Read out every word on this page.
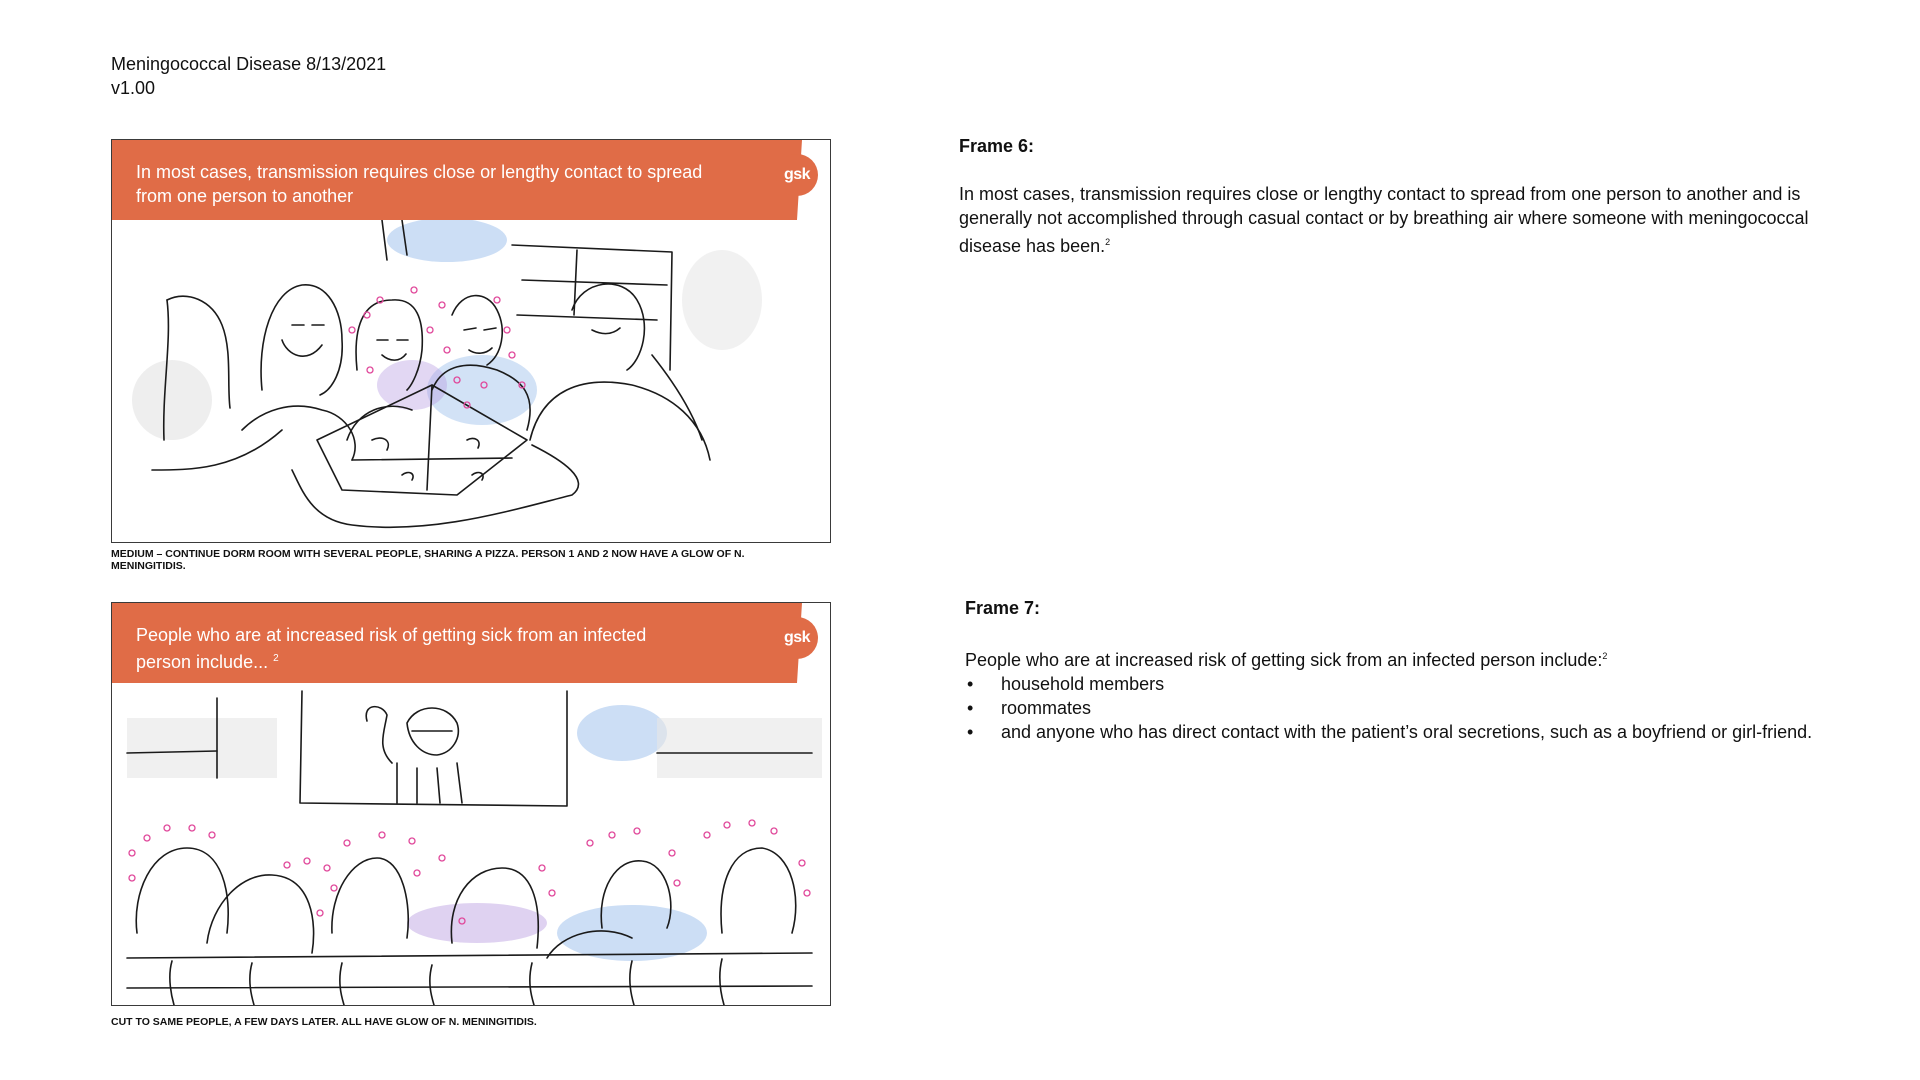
Meningococcal Disease 8/13/2021
v1.00
In most cases, transmission requires close or lengthy contact to spread from one person to another
gsk
MEDIUM – CONTINUE DORM ROOM WITH SEVERAL PEOPLE, SHARING A PIZZA. PERSON 1 AND 2 NOW HAVE A GLOW OF N. MENINGITIDIS.
People who are at increased risk of getting sick from an infected person include... $^2$
gsk
CUT TO SAME PEOPLE, A FEW DAYS LATER. ALL HAVE GLOW OF N. MENINGITIDIS.
Frame 6:
In most cases, transmission requires close or lengthy contact to spread from one person to another and is generally not accomplished through casual contact or by breathing air where someone with meningococcal disease has been.$^2$
Frame 7:
People who are at increased risk of getting sick from an infected person include:$^2$
• household members
• roommates
• and anyone who has direct contact with the patient’s oral secretions, such as a boyfriend or girl-friend.
